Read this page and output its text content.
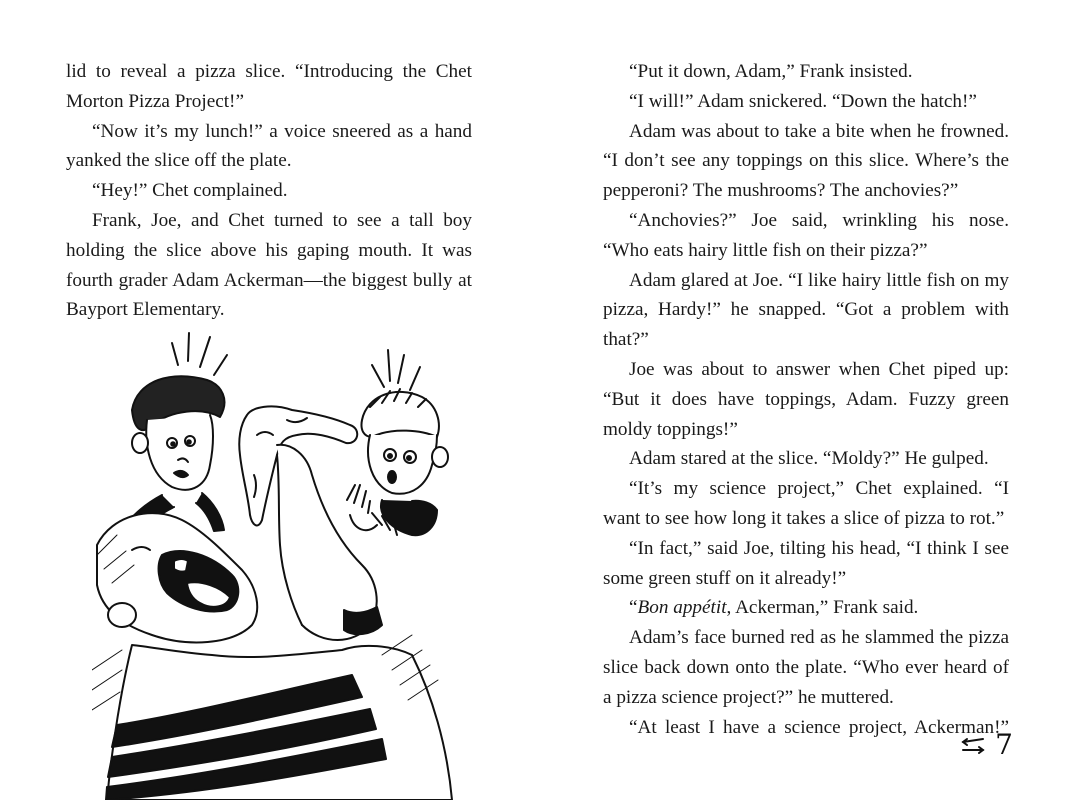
lid to reveal a pizza slice. “Introducing the Chet Morton Pizza Project!”

“Now it’s my lunch!” a voice sneered as a hand yanked the slice off the plate.

“Hey!” Chet complained.

Frank, Joe, and Chet turned to see a tall boy holding the slice above his gaping mouth. It was fourth grader Adam Ackerman—the biggest bully at Bayport Elementary.

“Put it down, Adam,” Frank insisted.

“I will!” Adam snickered. “Down the hatch!”

Adam was about to take a bite when he frowned. “I don’t see any toppings on this slice. Where’s the pepperoni? The mushrooms? The anchovies?”

“Anchovies?” Joe said, wrinkling his nose. “Who eats hairy little fish on their pizza?”

Adam glared at Joe. “I like hairy little fish on my pizza, Hardy!” he snapped. “Got a problem with that?”

Joe was about to answer when Chet piped up: “But it does have toppings, Adam. Fuzzy green moldy toppings!”

Adam stared at the slice. “Moldy?” He gulped.

“It’s my science project,” Chet explained. “I want to see how long it takes a slice of pizza to rot.”

“In fact,” said Joe, tilting his head, “I think I see some green stuff on it already!”

“Bon appétit, Ackerman,” Frank said.

Adam’s face burned red as he slammed the pizza slice back down onto the plate. “Who ever heard of a pizza science project?” he muttered.

“At least I have a science project, Ackerman!”

7
